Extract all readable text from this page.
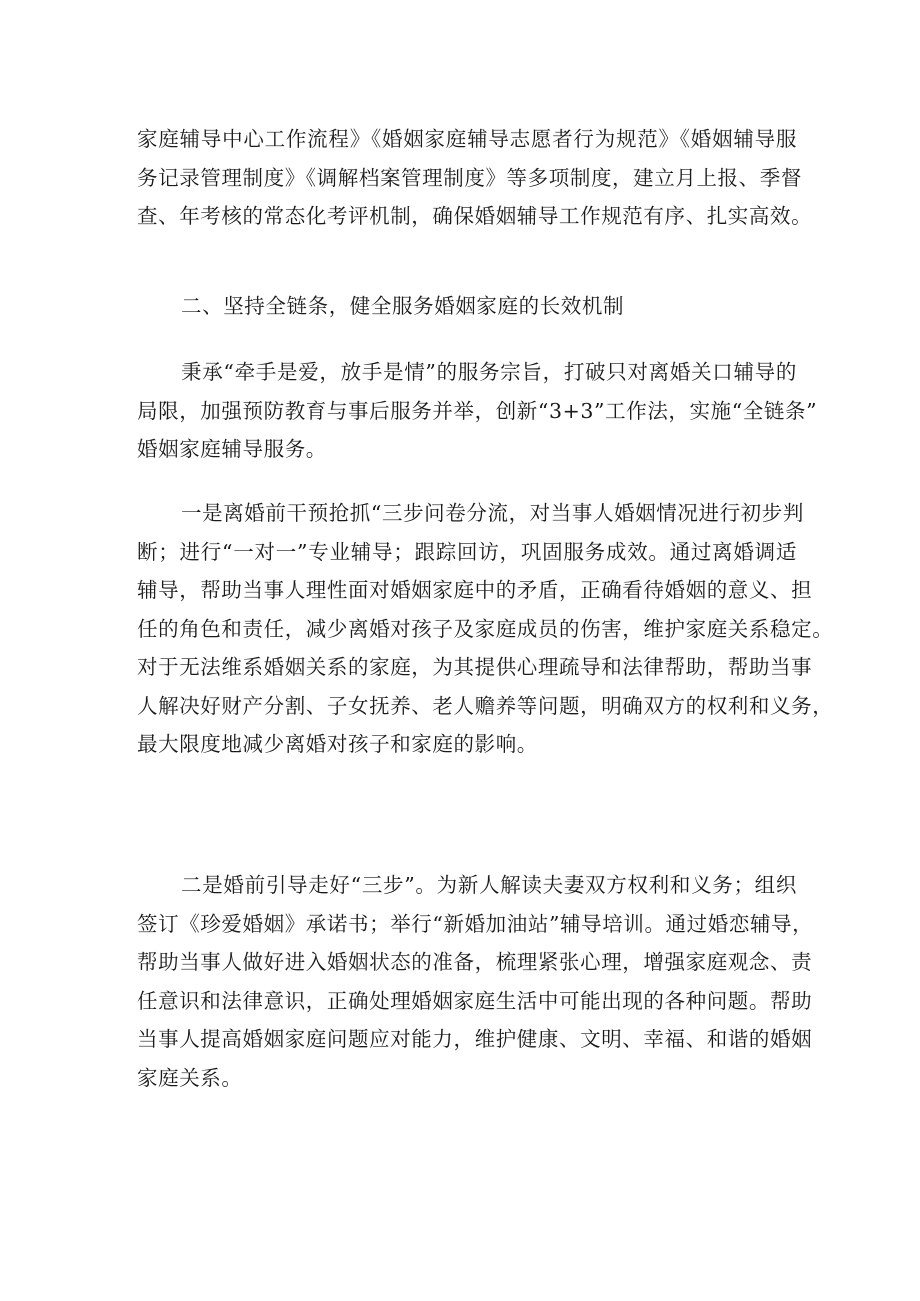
家庭辅导中心工作流程》《婚姻家庭辅导志愿者行为规范》《婚姻辅导服
务记录管理制度》《调解档案管理制度》等多项制度，建立月上报、季督
查、年考核的常态化考评机制，确保婚姻辅导工作规范有序、扎实高效。
二、坚持全链条，健全服务婚姻家庭的长效机制
秉承“牵手是爱，放手是情”的服务宗旨，打破只对离婚关口辅导的
局限，加强预防教育与事后服务并举，创新“3+3”工作法，实施“全链条”
婚姻家庭辅导服务。
一是离婚前干预抢抓“三步问卷分流，对当事人婚姻情况进行初步判
断；进行“一对一”专业辅导；跟踪回访，巩固服务成效。通过离婚调适
辅导，帮助当事人理性面对婚姻家庭中的矛盾，正确看待婚姻的意义、担
任的角色和责任，减少离婚对孩子及家庭成员的伤害，维护家庭关系稳定。
对于无法维系婚姻关系的家庭，为其提供心理疏导和法律帮助，帮助当事
人解决好财产分割、子女抚养、老人赡养等问题，明确双方的权利和义务，
最大限度地减少离婚对孩子和家庭的影响。
二是婚前引导走好“三步”。为新人解读夫妻双方权利和义务；组织
签订《珍爱婚姻》承诺书；举行“新婚加油站”辅导培训。通过婚恋辅导，
帮助当事人做好进入婚姻状态的准备，梳理紧张心理，增强家庭观念、责
任意识和法律意识，正确处理婚姻家庭生活中可能出现的各种问题。帮助
当事人提高婚姻家庭问题应对能力，维护健康、文明、幸福、和谐的婚姻
家庭关系。
